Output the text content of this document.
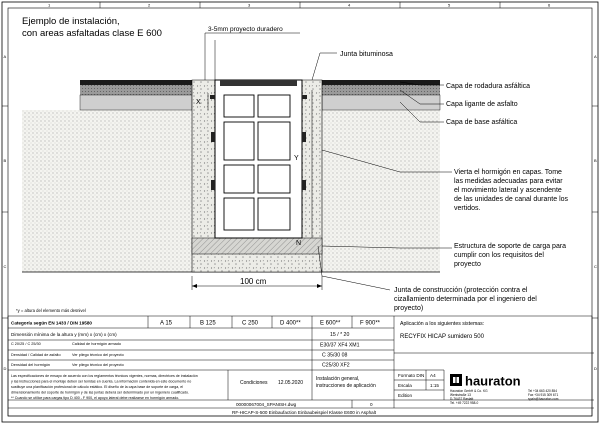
1	2	3	4	5	6
A
B
C
D
A
B
C
D
Ejemplo de instalación,
con areas asfaltadas clase E 600	3-5mm proyecto duradero
Junta bituminosa
Capa de rodadura asfáltica
Capa ligante de asfalto
Capa de base asfáltica
Vierta el hormigón en capas. Tome
las medidas adecuadas para evitar
el movimiento lateral y ascendente
de las unidades de canal durante los
vertidos.
Estructura de soporte de carga para
cumplir con los requisitos del
proyecto
Junta de construcción (protección contra el
cizallamiento determinada por el ingeniero del
proyecto)
X
Y
N
100 cm
*y = altura del elemento más desnivel
Categoría según EN 1433 / DIN 19580	A 15	B 125	C 250	D 400**	E 600**	F 900**
Dimensión mínima de la altura y (mm) x (cm) x (cm)	15 / * 20
C 20/25 / C 25/30	Calidad de hormigón armado	E30/37 XF4 XM1
Densidad / Calidad de asfalto	Ver pliego técnico del proyecto	C 35/30 08
Densidad del hormigón	Ver pliego técnico del proyecto	C25/30 XF2
Aplicación a los siguientes sistemas:
RECYFIX HICAP sumidero 500
Las especificaciones de ensayo de acuerdo con los reglamentos técnicos vigentes, normas, directrices de instalación
y las instrucciones para el montaje deben ser tenidas en cuenta. La información contenida en este documento no
sustituye una planificación profesional de cálculo estático. El diseño de la capa base de soporte de carga, el
dimensionamiento del soporte de hormigón y de las juntas deberá ser determinado por un ingeniero cualificado.
** Cuando se utilice para cargas tipo D 400 - F 900, el apoyo lateral debe realizarse en hormigón armado.
Condiciones 12.05.2020
Instalación general,
instrucciones de aplicación
Formato DIN A4
Escala	1:15
Edition
00000067004_SPANISH.dwg	0
RF-HICAP-S-500 Einbaufaction Einbaubeispiel Klasse E600 in Asphalt
hauraton
Hauraton GmbH & Co. KG
Werkstraße 13
D-76437 Rastatt
Tel. +49 7222 958-0
Tel +34 663 420 854
Fax +34 915 309 671
spain@hauraton.com
